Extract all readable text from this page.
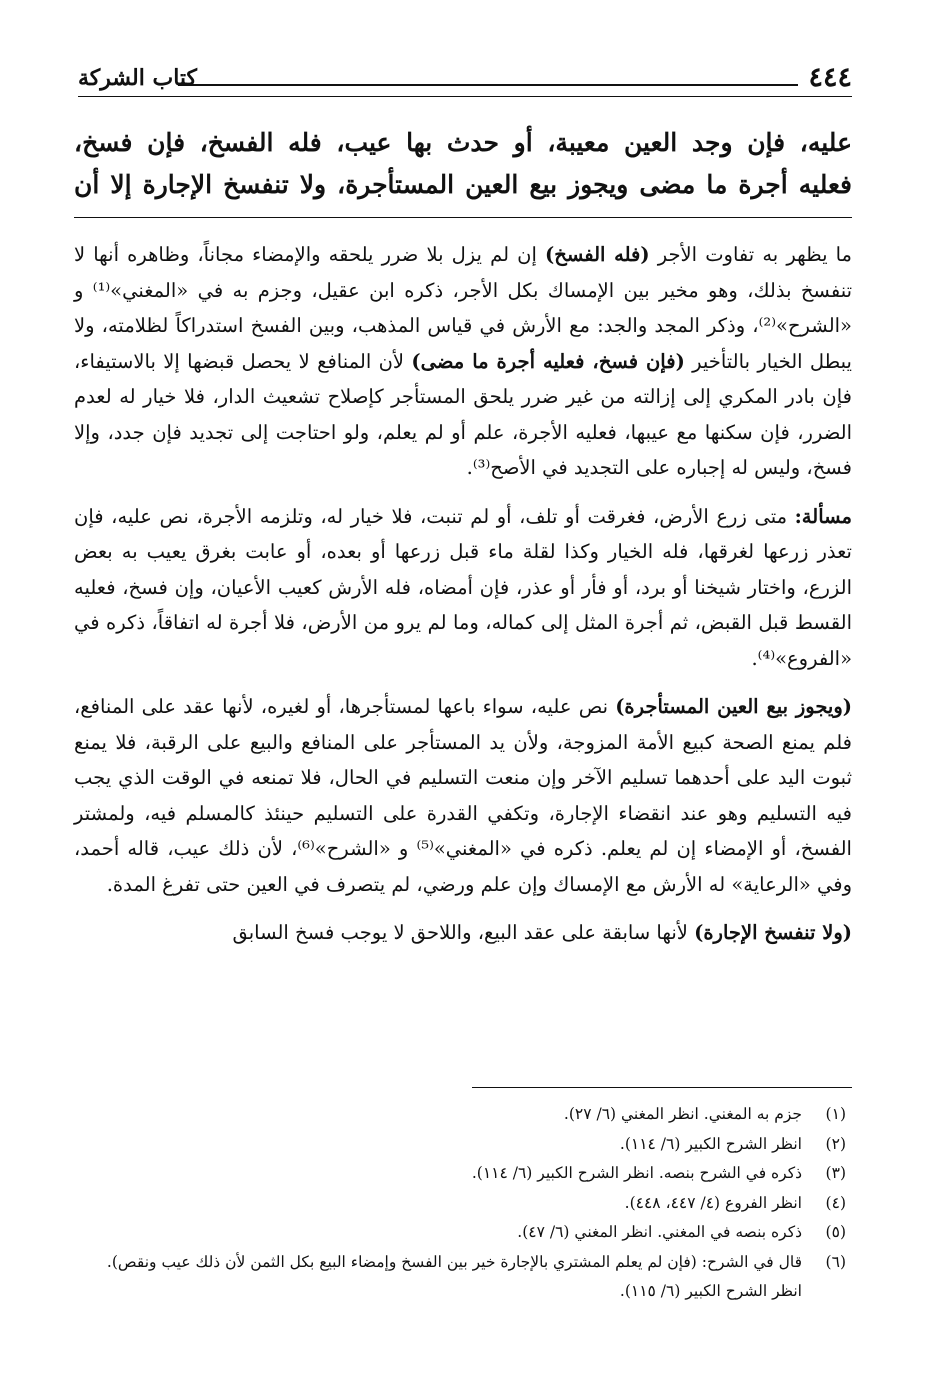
٤٤٤
كتاب الشركة

عليه، فإن وجد العين معيبة، أو حدث بها عيب، فله الفسخ، فإن فسخ،

فعليه أجرة ما مضى ويجوز بيع العين المستأجرة، ولا تنفسخ الإجارة إلا أن

ما يظهر به تفاوت الأجر (فله الفسخ) إن لم يزل بلا ضرر يلحقه والإمضاء مجاناً، وظاهره أنها لا تنفسخ بذلك، وهو مخير بين الإمساك بكل الأجر، ذكره ابن عقيل، وجزم به في «المغني»⁽¹⁾ و «الشرح»⁽²⁾، وذكر المجد والجد: مع الأرش في قياس المذهب، وبين الفسخ استدراكاً لظلامته، ولا يبطل الخيار بالتأخير (فإن فسخ، فعليه أجرة ما مضى) لأن المنافع لا يحصل قبضها إلا بالاستيفاء، فإن بادر المكري إلى إزالته من غير ضرر يلحق المستأجر كإصلاح تشعيث الدار، فلا خيار له لعدم الضرر، فإن سكنها مع عيبها، فعليه الأجرة، علم أو لم يعلم، ولو احتاجت إلى تجديد فإن جدد، وإلا فسخ، وليس له إجباره على التجديد في الأصح⁽³⁾.

مسألة: متى زرع الأرض، فغرقت أو تلف، أو لم تنبت، فلا خيار له، وتلزمه الأجرة، نص عليه، فإن تعذر زرعها لغرقها، فله الخيار وكذا لقلة ماء قبل زرعها أو بعده، أو عابت بغرق يعيب به بعض الزرع، واختار شيخنا أو برد، أو فأر أو عذر، فإن أمضاه، فله الأرش كعيب الأعيان، وإن فسخ، فعليه القسط قبل القبض، ثم أجرة المثل إلى كماله، وما لم يرو من الأرض، فلا أجرة له اتفاقاً، ذكره في «الفروع»⁽⁴⁾.

(ويجوز بيع العين المستأجرة) نص عليه، سواء باعها لمستأجرها، أو لغيره، لأنها عقد على المنافع، فلم يمنع الصحة كبيع الأمة المزوجة، ولأن يد المستأجر على المنافع والبيع على الرقبة، فلا يمنع ثبوت اليد على أحدهما تسليم الآخر وإن منعت التسليم في الحال، فلا تمنعه في الوقت الذي يجب فيه التسليم وهو عند انقضاء الإجارة، وتكفي القدرة على التسليم حينئذ كالمسلم فيه، ولمشتر الفسخ، أو الإمضاء إن لم يعلم. ذكره في «المغني»⁽⁵⁾ و «الشرح»⁽⁶⁾، لأن ذلك عيب، قاله أحمد، وفي «الرعاية» له الأرش مع الإمساك وإن علم ورضي، لم يتصرف في العين حتى تفرغ المدة.

(ولا تنفسخ الإجارة) لأنها سابقة على عقد البيع، واللاحق لا يوجب فسخ السابق

(١)
جزم به المغني. انظر المغني (٦/ ٢٧).
(٢)
انظر الشرح الكبير (٦/ ١١٤).
(٣)
ذكره في الشرح بنصه. انظر الشرح الكبير (٦/ ١١٤).
(٤)
انظر الفروع (٤/ ٤٤٧، ٤٤٨).
(٥)
ذكره بنصه في المغني. انظر المغني (٦/ ٤٧).
(٦)
قال في الشرح: (فإن لم يعلم المشتري بالإجارة خير بين الفسخ وإمضاء البيع بكل الثمن لأن ذلك عيب ونقص). انظر الشرح الكبير (٦/ ١١٥).
